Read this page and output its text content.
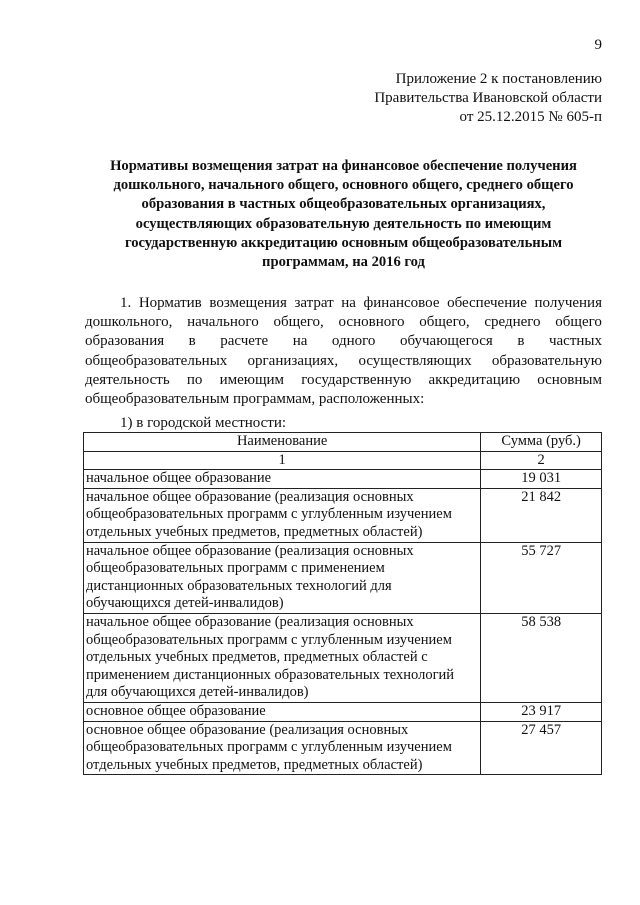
9
Приложение 2 к постановлению
Правительства Ивановской области
от 25.12.2015 № 605-п
Нормативы возмещения затрат на финансовое обеспечение получения
дошкольного, начального общего, основного общего, среднего общего
образования в частных общеобразовательных организациях,
осуществляющих образовательную деятельность по имеющим
государственную аккредитацию основным общеобразовательным
программам, на 2016 год
1. Норматив возмещения затрат на финансовое обеспечение получения
дошкольного, начального общего, основного общего, среднего общего
образования в расчете на одного обучающегося в частных
общеобразовательных организациях, осуществляющих образовательную
деятельность по имеющим государственную аккредитацию основным
общеобразовательным программам, расположенных:
1) в городской местности:
Наименование	Сумма (руб.)
1	2

начальное общее образование	19 031

начальное общее образование (реализация основных
общеобразовательных программ с углубленным изучением
отдельных учебных предметов, предметных областей)	21 842

начальное общее образование (реализация основных
общеобразовательных программ с применением
дистанционных образовательных технологий для
обучающихся детей-инвалидов)	55 727

начальное общее образование (реализация основных
общеобразовательных программ с углубленным изучением
отдельных учебных предметов, предметных областей с
применением дистанционных образовательных технологий
для обучающихся детей-инвалидов)	58 538

основное общее образование	23 917

основное общее образование (реализация основных
общеобразовательных программ с углубленным изучением
отдельных учебных предметов, предметных областей)	27 457
